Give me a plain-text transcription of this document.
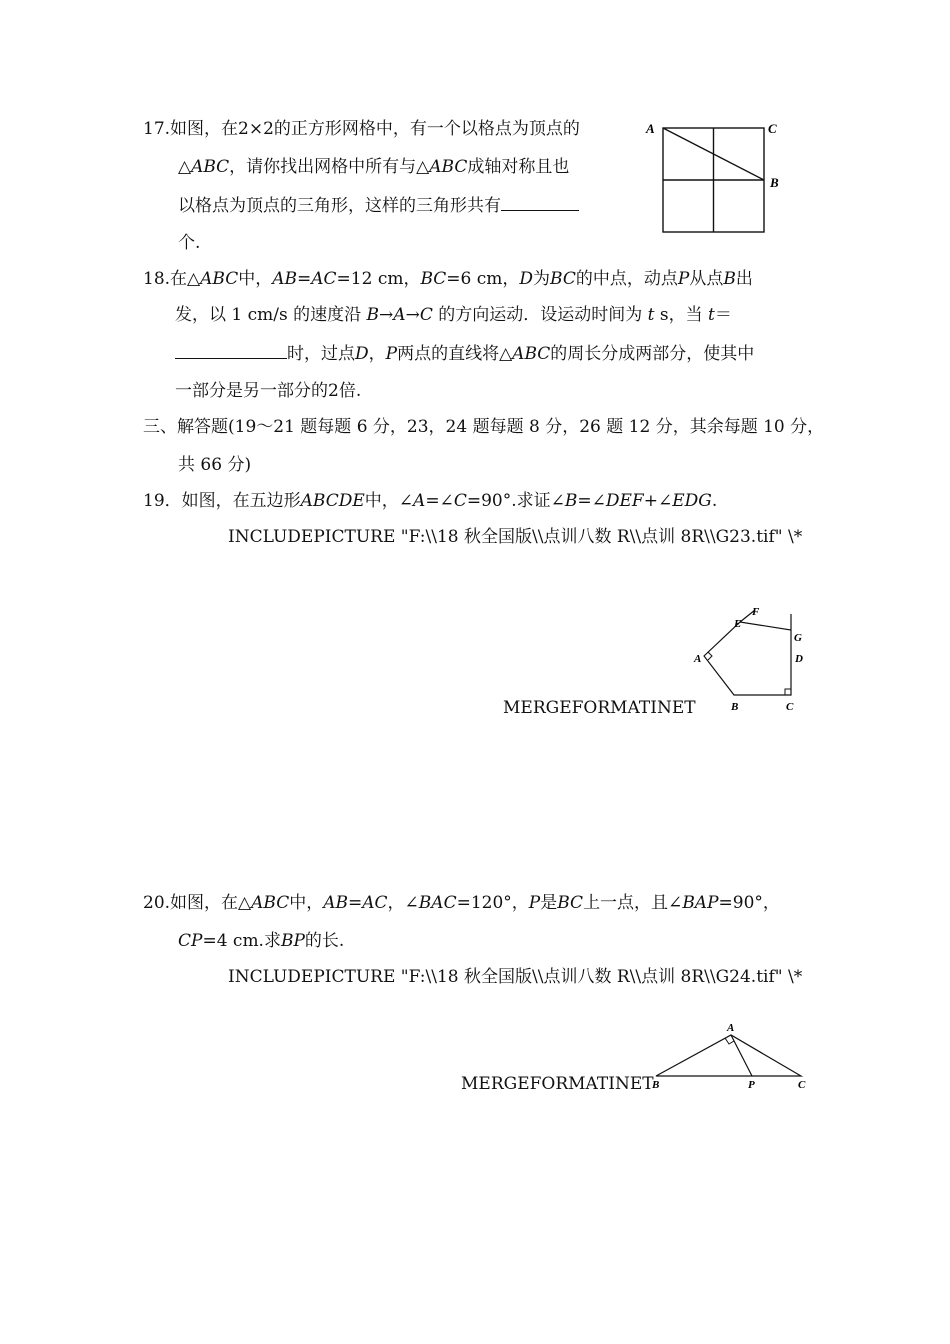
17.如图，在2×2的正方形网格中，有一个以格点为顶点的
△ABC，请你找出网格中所有与△ABC成轴对称且也
以格点为顶点的三角形，这样的三角形共有
个.
A	C
B
18.在△ABC中，AB=AC=12 cm，BC=6 cm，D为BC的中点，动点P从点B出
发，以 1 cm/s 的速度沿 B→A→C 的方向运动．设运动时间为 t s，当 t＝
时，过点D，P两点的直线将△ABC的周长分成两部分，使其中
一部分是另一部分的2倍.
三、解答题(19～21 题每题 6 分，23，24 题每题 8 分，26 题 12 分，其余每题 10 分，
共 66 分)
19．如图，在五边形ABCDE中，∠A=∠C=90°.求证∠B=∠DEF+∠EDG.
INCLUDEPICTURE "F:\\18 秋全国版\\点训八数 R\\点训 8R\\G23.tif" \*
MERGEFORMATINET
A
B	C
D
E
F
G
20.如图，在△ABC中，AB=AC，∠BAC=120°，P是BC上一点，且∠BAP=90°，
CP=4 cm.求BP的长.
INCLUDEPICTURE "F:\\18 秋全国版\\点训八数 R\\点训 8R\\G24.tif" \*
MERGEFORMATINET
A
B	P	C
